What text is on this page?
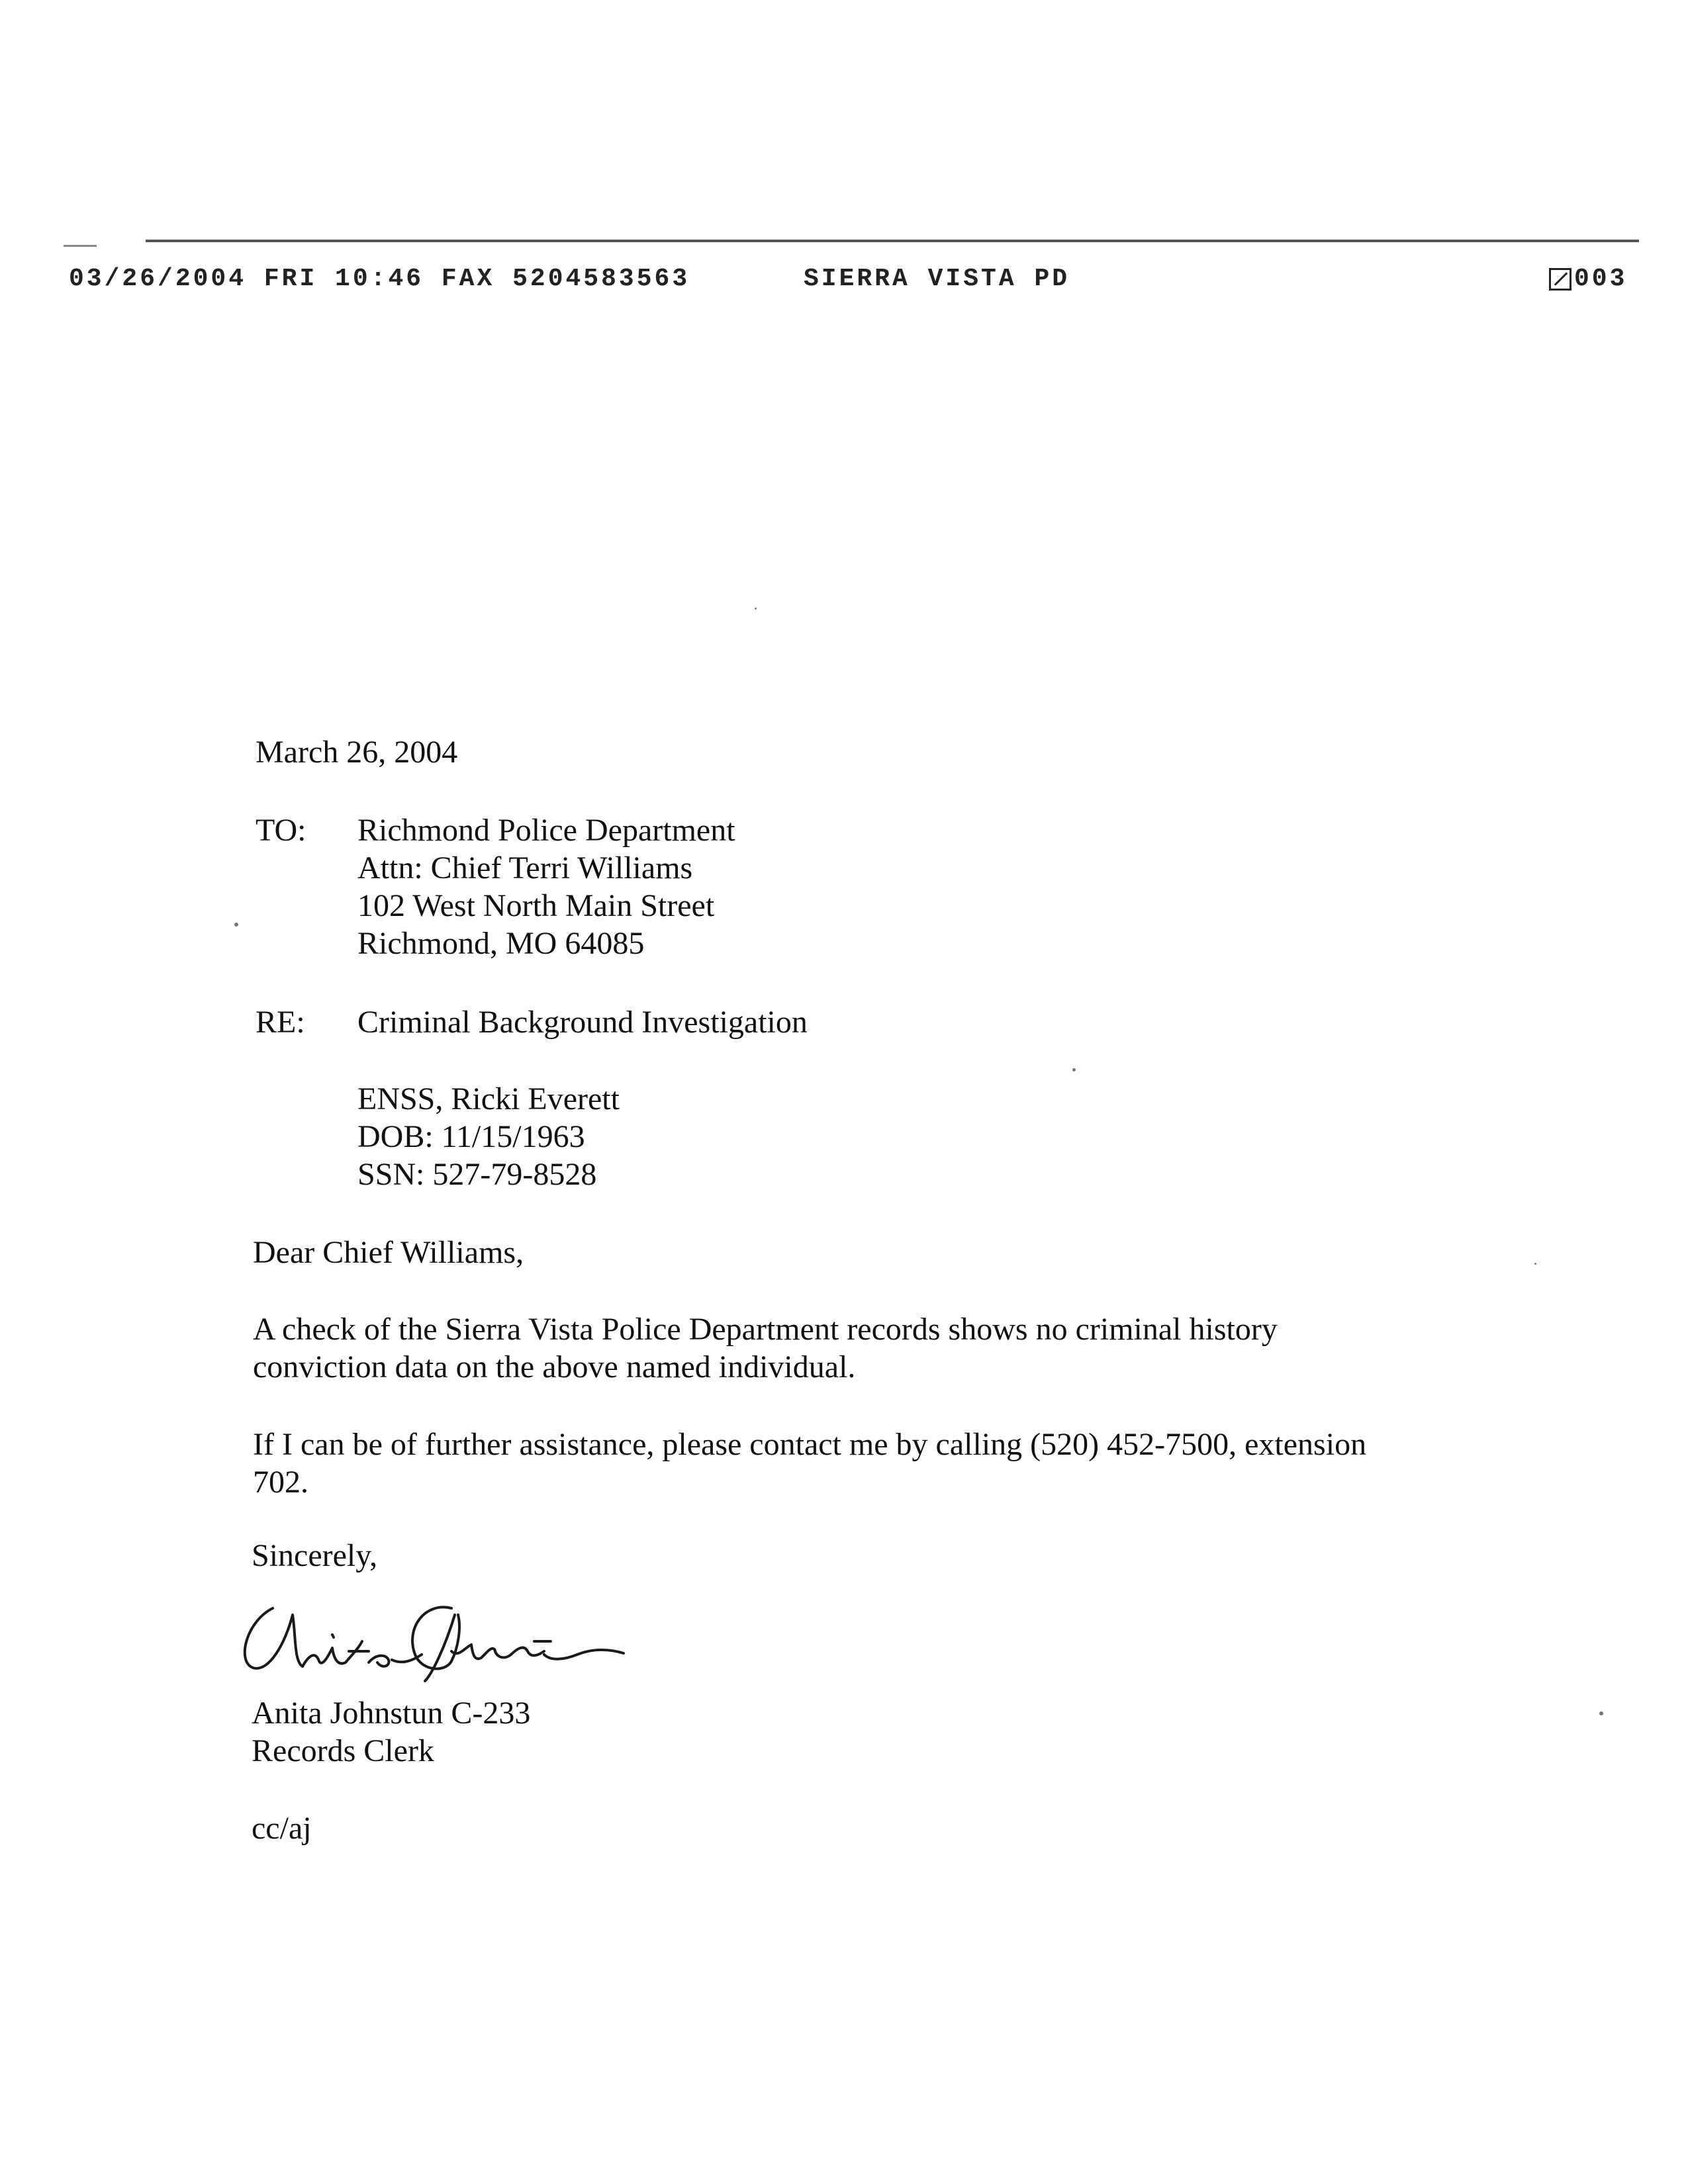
03/26/2004 FRI 10:46 FAX 5204583563	SIERRA VISTA PD	003
March 26, 2004
TO: Richmond Police Department
Attn: Chief Terri Williams
102 West North Main Street
Richmond, MO 64085
RE: Criminal Background Investigation
ENSS, Ricki Everett
DOB: 11/15/1963
SSN: 527-79-8528
Dear Chief Williams,
A check of the Sierra Vista Police Department records shows no criminal history
conviction data on the above named individual.
If I can be of further assistance, please contact me by calling (520) 452-7500, extension
702.
Sincerely,
Anita Johnstun C-233
Records Clerk
cc/aj
